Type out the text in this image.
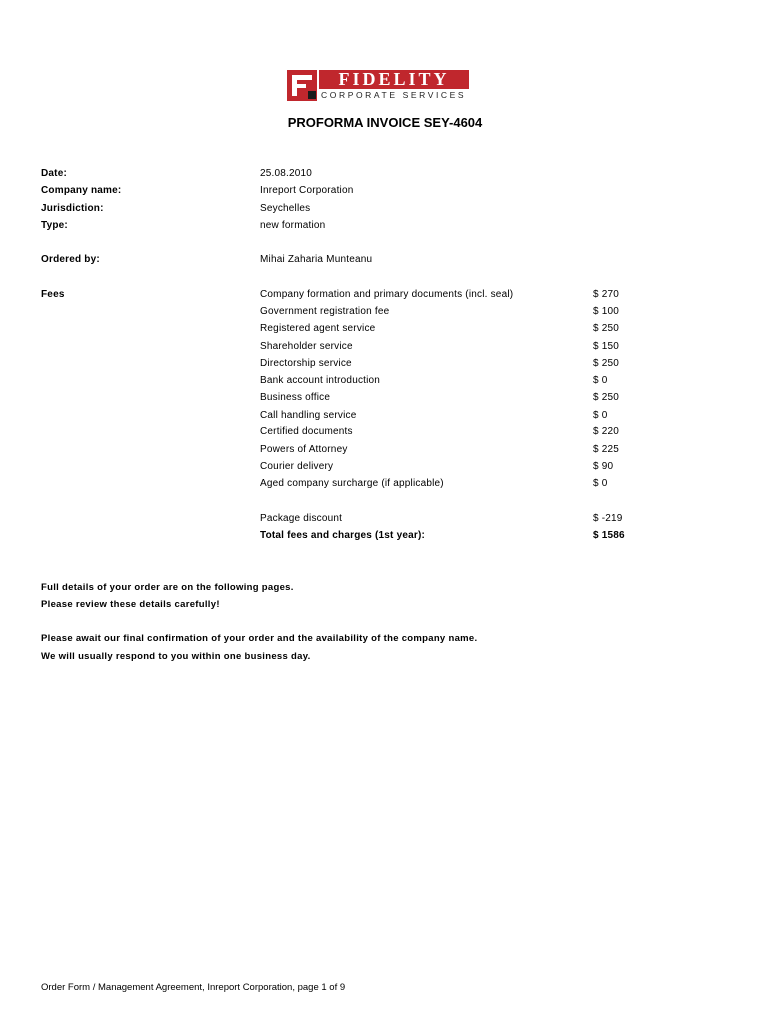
FIDELITY
CORPORATE SERVICES
PROFORMA INVOICE SEY-4604
Date:	25.08.2010
Company name:	Inreport Corporation
Jurisdiction:	Seychelles
Type:	new formation
Ordered by:	Mihai Zaharia Munteanu
Fees	Company formation and primary documents (incl. seal)	$ 270
Government registration fee	$ 100
Registered agent service	$ 250
Shareholder service	$ 150
Directorship service	$ 250
Bank account introduction	$ 0
Business office	$ 250
Call handling service	$ 0
Certified documents	$ 220
Powers of Attorney	$ 225
Courier delivery	$ 90
Aged company surcharge (if applicable)	$ 0
Package discount	$ -219
Total fees and charges (1st year):	$ 1586
Full details of your order are on the following pages.
Please review these details carefully!
Please await our final confirmation of your order and the availability of the company name.
We will usually respond to you within one business day.
Order Form / Management Agreement, Inreport Corporation, page 1 of 9
